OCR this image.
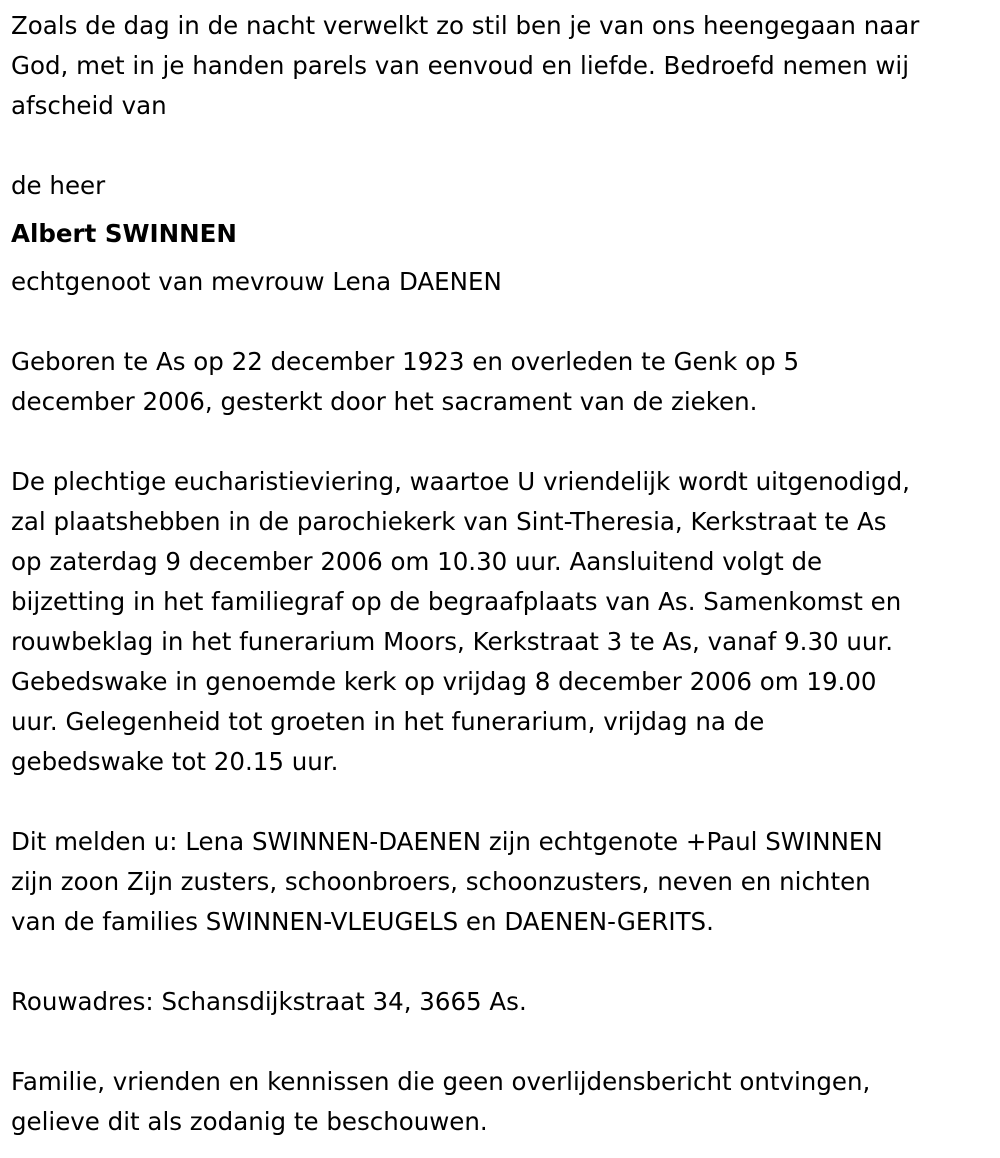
Zoals de dag in de nacht verwelkt zo stil ben je van ons heengegaan naar
God, met in je handen parels van eenvoud en liefde. Bedroefd nemen wij
afscheid van
de heer
Albert SWINNEN
echtgenoot van mevrouw Lena DAENEN
Geboren te As op 22 december 1923 en overleden te Genk op 5
december 2006, gesterkt door het sacrament van de zieken.
De plechtige eucharistieviering, waartoe U vriendelijk wordt uitgenodigd,
zal plaatshebben in de parochiekerk van Sint-Theresia, Kerkstraat te As
op zaterdag 9 december 2006 om 10.30 uur. Aansluitend volgt de
bijzetting in het familiegraf op de begraafplaats van As. Samenkomst en
rouwbeklag in het funerarium Moors, Kerkstraat 3 te As, vanaf 9.30 uur.
Gebedswake in genoemde kerk op vrijdag 8 december 2006 om 19.00
uur. Gelegenheid tot groeten in het funerarium, vrijdag na de
gebedswake tot 20.15 uur.
Dit melden u: Lena SWINNEN-DAENEN zijn echtgenote +Paul SWINNEN
zijn zoon Zijn zusters, schoonbroers, schoonzusters, neven en nichten
van de families SWINNEN-VLEUGELS en DAENEN-GERITS.
Rouwadres: Schansdijkstraat 34, 3665 As.
Familie, vrienden en kennissen die geen overlijdensbericht ontvingen,
gelieve dit als zodanig te beschouwen.
